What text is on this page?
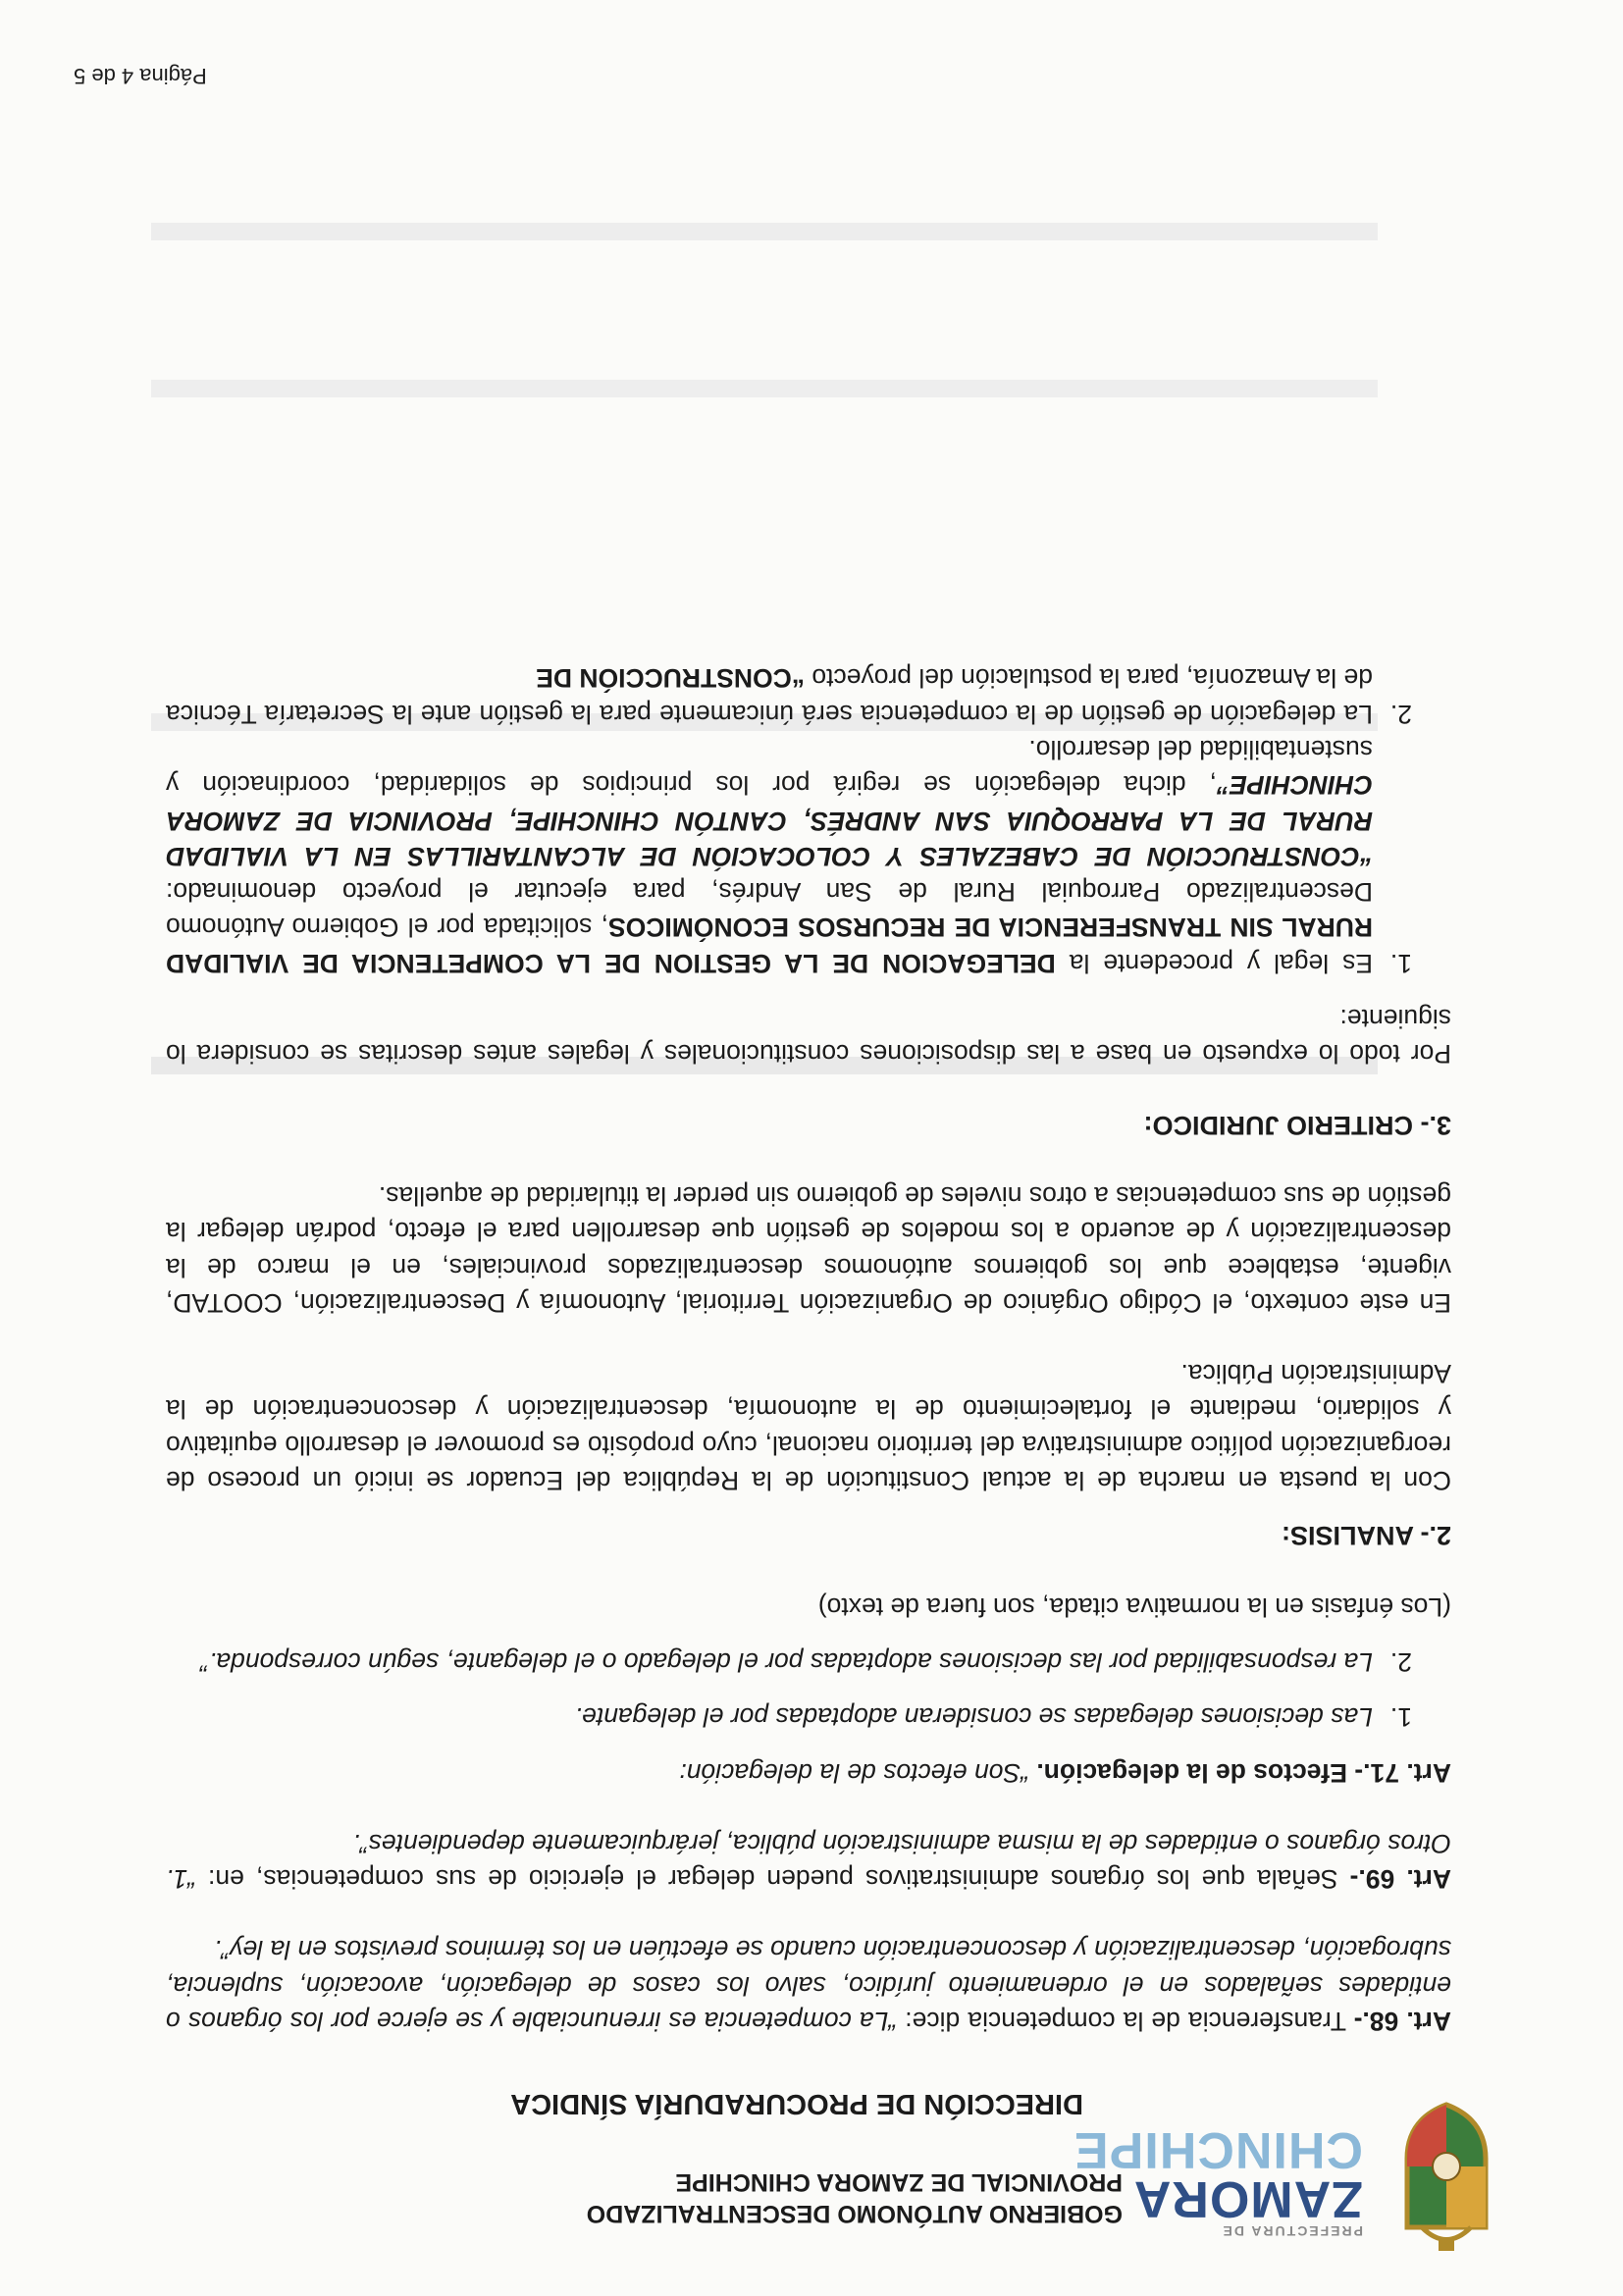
PREFECTURA DE
ZAMORA
CHINCHIPE
GOBIERNO AUTÓNOMO DESCENTRALIZADO
PROVINCIAL DE ZAMORA CHINCHIPE
DIRECCIÓN DE PROCURADURÍA SÍNDICA

Art. 68.- Transferencia de la competencia dice: “La competencia es irrenunciable y se ejerce por los órganos o entidades señalados en el ordenamiento jurídico, salvo los casos de delegación, avocación, suplencia, subrogación, descentralización y desconcentración cuando se efectúen en los términos previstos en la ley”.

Art. 69.- Señala que los órganos administrativos pueden delegar el ejercicio de sus competencias, en: “1. Otros órganos o entidades de la misma administración pública, jerárquicamente dependientes”.

Art. 71.- Efectos de la delegación. “Son efectos de la delegación:

1.
Las decisiones delegadas se consideran adoptadas por el delegante.

2.
La responsabilidad por las decisiones adoptadas por el delegado o el delegante, según corresponda.”

(Los énfasis en la normativa citada, son fuera de texto)

2.- ANALISIS:

Con la puesta en marcha de la actual Constitución de la República del Ecuador se inició un proceso de reorganización político administrativa del territorio nacional, cuyo propósito es promover el desarrollo equitativo y solidario, mediante el fortalecimiento de la autonomía, descentralización y desconcentración de la Administración Pública.

En este contexto, el Código Orgánico de Organización Territorial, Autonomía y Descentralización, COOTAD, vigente, establece que los gobiernos autónomos descentralizados provinciales, en el marco de la descentralización y de acuerdo a los modelos de gestión que desarrollen para el efecto, podrán delegar la gestión de sus competencias a otros niveles de gobierno sin perder la titularidad de aquellas.

3.- CRITERIO JURIDICO:

Por todo lo expuesto en base a las disposiciones constitucionales y legales antes descritas se considera lo siguiente:

1.
Es legal y procedente la DELEGACION DE LA GESTION DE LA COMPETENCIA DE VIALIDAD RURAL SIN TRANSFERENCIA DE RECURSOS ECONÓMICOS, solicitada por el Gobierno Autónomo Descentralizado Parroquial Rural de San Andrés, para ejecutar el proyecto denominado: “CONSTRUCCIÓN DE CABEZALES Y COLOCACIÓN DE ALCANTARILLAS EN LA VIALIDAD RURAL DE LA PARROQUIA SAN ANDRÉS, CANTÓN CHINCHIPE, PROVINCIA DE ZAMORA CHINCHIPE”, dicha delegación se regirá por los principios de solidaridad, coordinación y sustentabilidad del desarrollo.

2.
La delegación de gestión de la competencia será únicamente para la gestión ante la Secretaría Técnica de la Amazonía, para la postulación del proyecto “CONSTRUCCIÓN DE

Página 4 de 5
